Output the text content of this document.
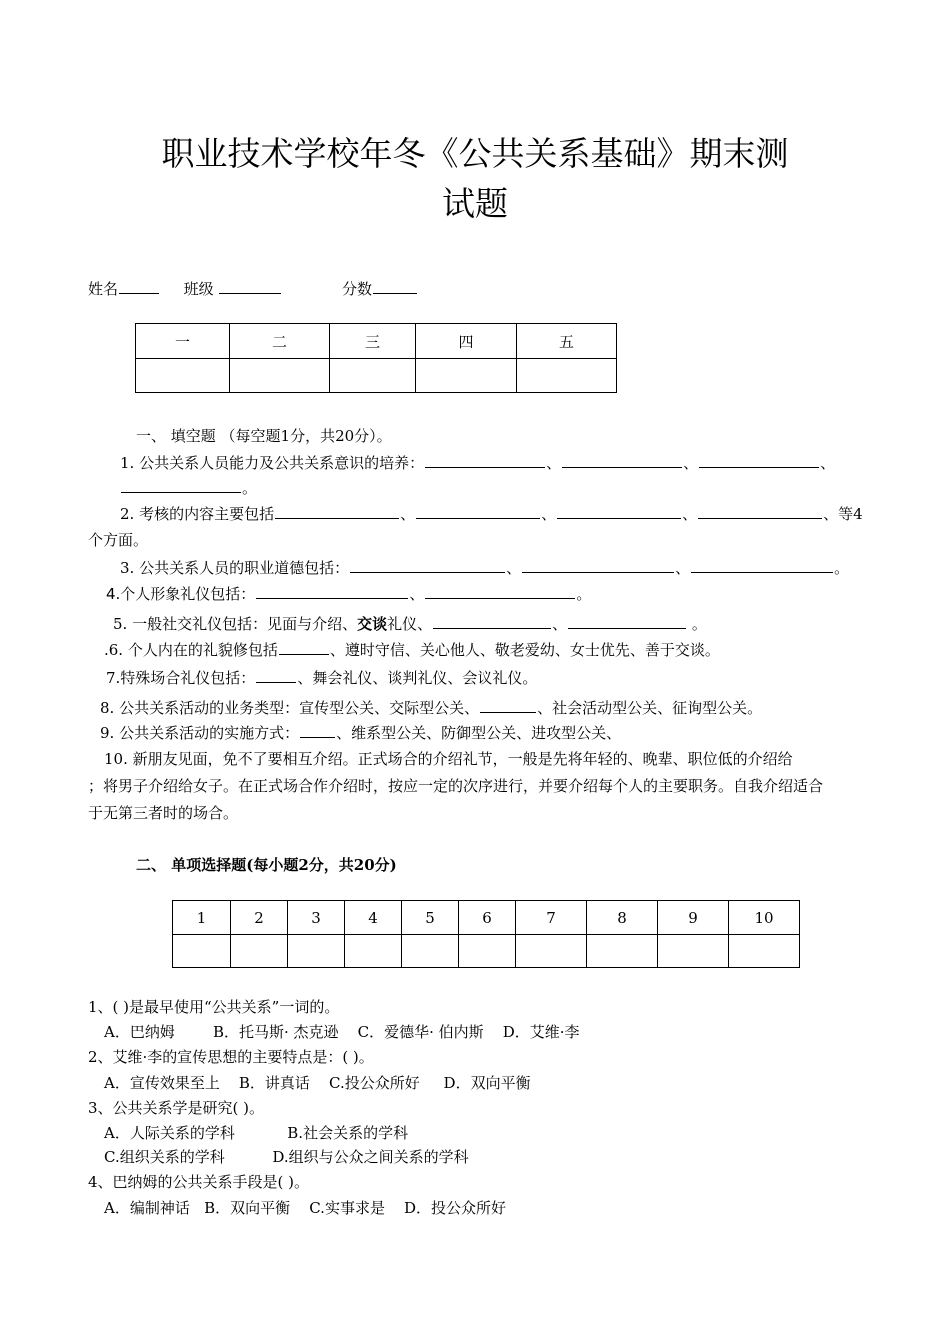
职业技术学校年冬《公共关系基础》期末测
试题
姓名	班级	分数
一	二	三	四	五

一、 填空题 （每空题1分，共20分）。
1. 公共关系人员能力及公共关系意识的培养：	、	、	、
。
2. 考核的内容主要包括	、	、	、	、等4
个方面。
3. 公共关系人员的职业道德包括：	、	、	。
4.个人形象礼仪包括：	、	。
5. 一般社交礼仪包括：见面与介绍、交谈礼仪、	、	。
.6. 个人内在的礼貌修包括	、遵时守信、关心他人、敬老爱幼、女士优先、善于交谈。
7.特殊场合礼仪包括：	、舞会礼仪、谈判礼仪、会议礼仪。
8. 公共关系活动的业务类型：宣传型公关、交际型公关、	、社会活动型公关、征询型公关。
9. 公共关系活动的实施方式： 、维系型公关、防御型公关、进攻型公关、
10. 新朋友见面，免不了要相互介绍。正式场合的介绍礼节，一般是先将年轻的、晚辈、职位低的介绍给
；将男子介绍给女子。在正式场合作介绍时，按应一定的次序进行，并要介绍每个人的主要职务。自我介绍适合
于无第三者时的场合。
二、 单项选择题(每小题2分，共20分)
1	2	3	4	5	6	7	8	9	10

1、( )是最早使用“公共关系”一词的。
A．巴纳姆        B．托马斯· 杰克逊    C．爱德华· 伯内斯    D．艾维·李
2、艾维·李的宣传思想的主要特点是：( )。
A．宣传效果至上    B．讲真话    C.投公众所好     D．双向平衡
3、公共关系学是研究( )。
A．人际关系的学科           B.社会关系的学科
C.组织关系的学科          D.组织与公众之间关系的学科
4、巴纳姆的公共关系手段是( )。
A．编制神话   B．双向平衡    C.实事求是    D．投公众所好
